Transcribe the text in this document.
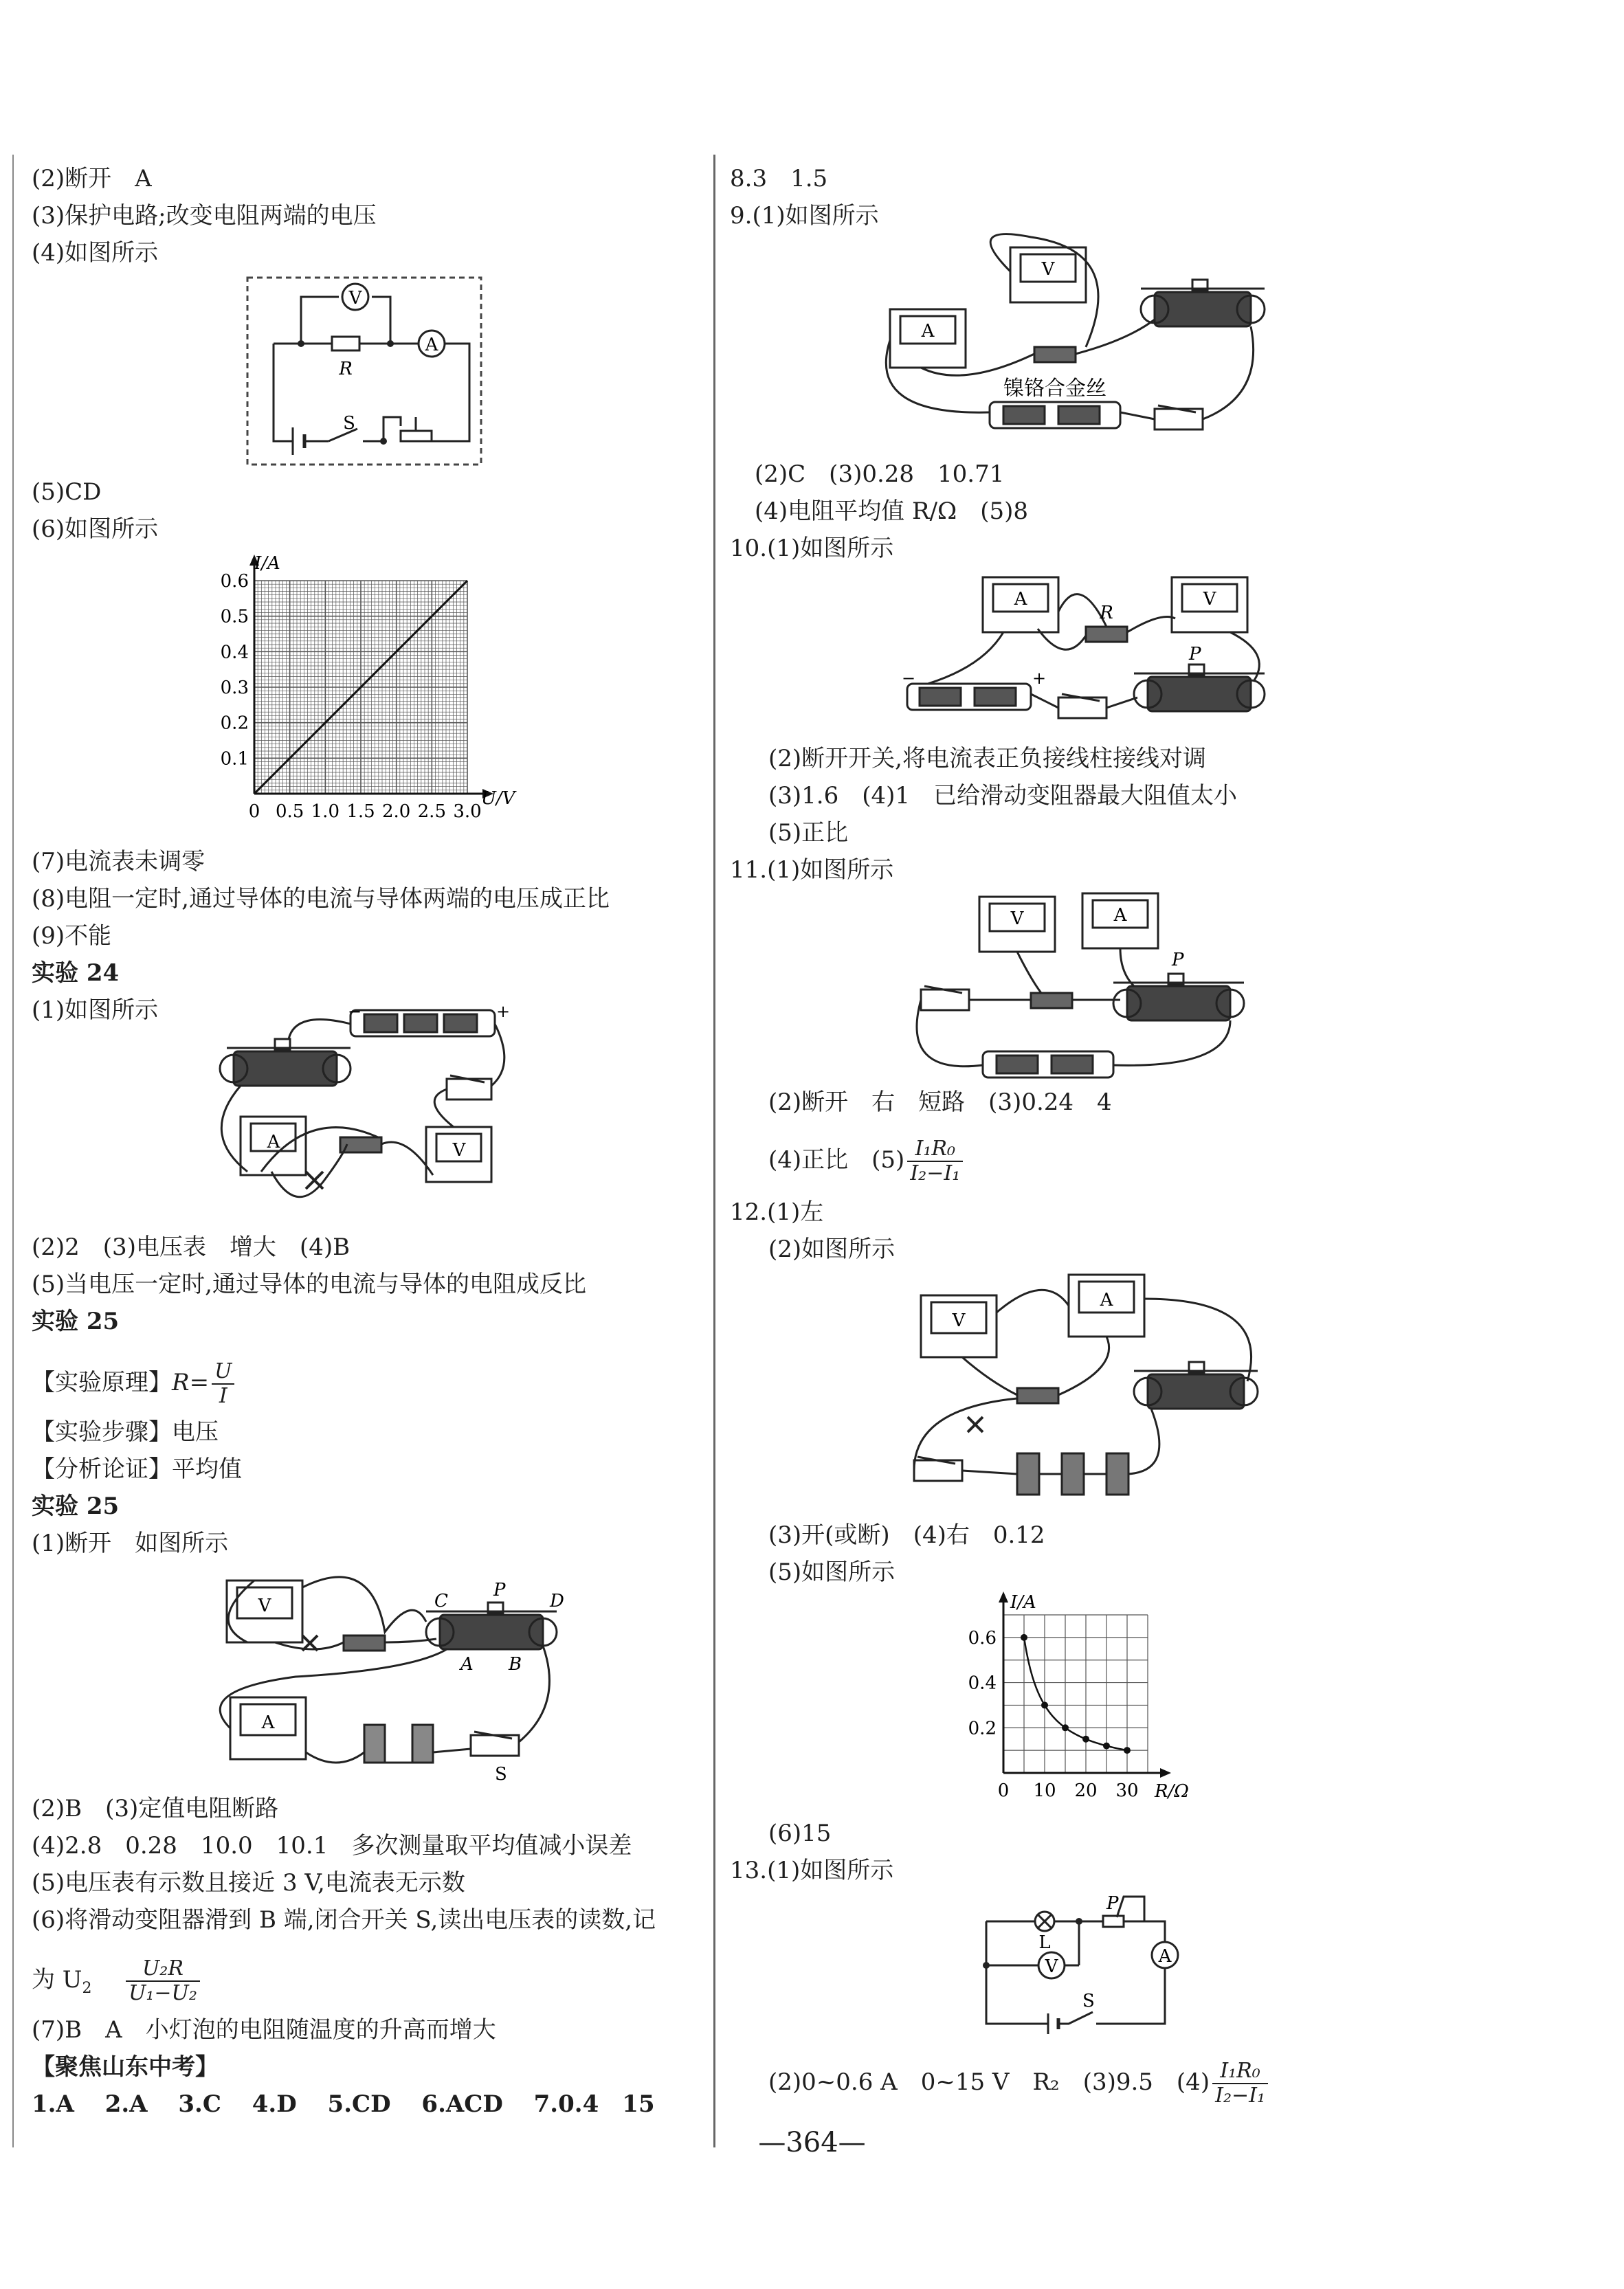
(2)断开　A
(3)保护电路;改变电阻两端的电压
(4)如图所示
V
A
R
S
(5)CD
(6)如图所示
0 0.5 1.0 1.5 2.0 2.5 3.0
0.1
0.2
0.3
0.4
0.5
0.6
I/A
U/V
(7)电流表未调零
(8)电阻一定时,通过导体的电流与导体两端的电压成正比
(9)不能
实验 24
(1)如图所示	−	+
A	V
(2)2　(3)电压表　增大　(4)B
(5)当电压一定时,通过导体的电流与导体的电阻成反比
实验 25
【实验原理】$R= \frac{U}{I}$
【实验步骤】电压
【分析论证】平均值
实验 25
(1)断开　如图所示
V
A
C
P
D
A B
S
(2)B　(3)定值电阻断路
(4)2.8　0.28　10.0　10.1　多次测量取平均值减小误差
(5)电压表有示数且接近 3 V,电流表无示数
(6)将滑动变阻器滑到 B 端,闭合开关 S,读出电压表的读数,记
为 $U_2 \frac{\text{U₂R}}{\text{U₁−U₂}}$
(7)B　A　小灯泡的电阻随温度的升高而增大
【聚焦山东中考】
1.A　 2.A　 3.C　 4.D　 5.CD　 6.ACD　 7.0.4　15
8.3　1.5
9.(1)如图所示
V
A
镍铬合金丝
(2)C　(3)0.28　10.71
(4)电阻平均值 R/Ω　(5)8
10.(1)如图所示
A	V
R
P
−	+
(2)断开开关,将电流表正负接线柱接线对调
(3)1.6　(4)1　已给滑动变阻器最大阻值太小
(5)正比
11.(1)如图所示
V	A
P
(2)断开　右　短路　(3)0.24　4
(4)正比　$(5) \frac{\text{I₁R₀}}{\text{I₂−I₁}}$
12.(1)左
(2)如图所示
V
A
(3)开(或断)　(4)右　0.12
(5)如图所示
0 10 20 30
0.2
0.4
0.6
I/A
R/Ω
(6)15
13.(1)如图所示
V	A
L
P
S
(2)0~0.6 A　0~15 V　R₂　(3)9.5　$(4) \frac{\text{I₁R₀}}{\text{I₂−I₁}}$
—364—
